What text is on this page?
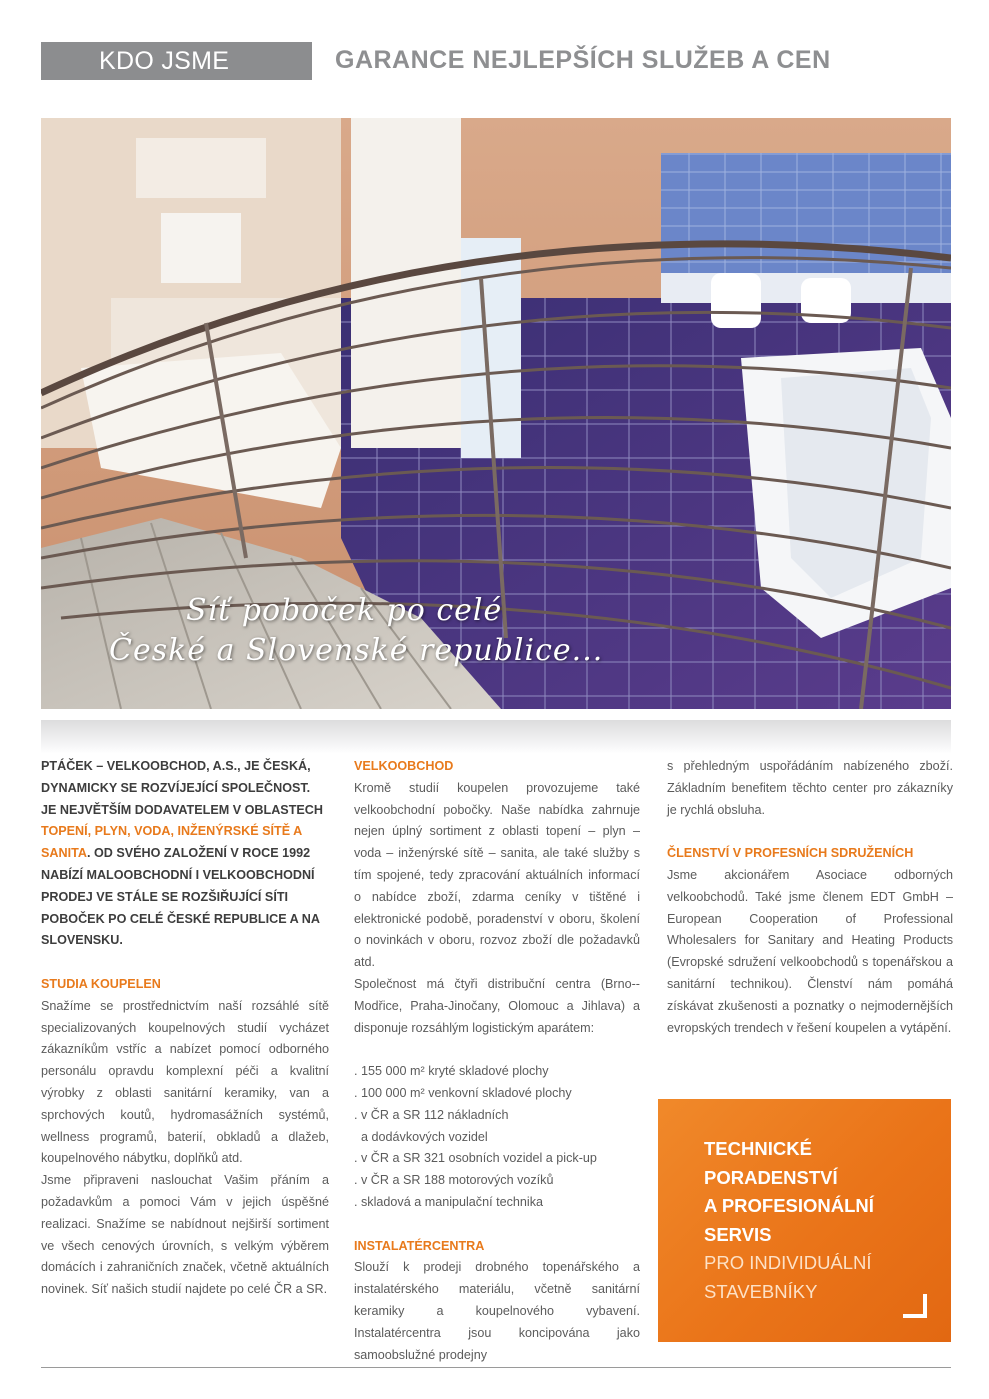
KDO JSME	GARANCE NEJLEPŠÍCH SLUŽEB A CEN
Síť poboček po celé
České a Slovenské republice...
PTÁČEK – VELKOOBCHOD, A.S., JE ČESKÁ, DYNAMICKY SE ROZVÍJEJÍCÍ SPOLEČNOST. JE NEJVĚTŠÍM DODAVATELEM V OBLASTECH TOPENÍ, PLYN, VODA, INŽENÝRSKÉ SÍTĚ A SANITA. OD SVÉHO ZALOŽENÍ V ROCE 1992 NABÍZÍ MALOOBCHODNÍ I VELKOOBCHODNÍ PRODEJ VE STÁLE SE ROZŠIŘUJÍCÍ SÍTI POBOČEK PO CELÉ ČESKÉ REPUBLICE A NA SLOVENSKU.
STUDIA KOUPELEN
Snažíme se prostřednictvím naší rozsáhlé sítě specializovaných koupelnových studií vycházet zákazníkům vstříc a nabízet pomocí odborného personálu opravdu komplexní péči a kvalitní výrobky z oblasti sanitární keramiky, van a sprchových koutů, hydromasážních systémů, wellness programů, baterií, obkladů a dlažeb, koupelnového nábytku, doplňků atd.
Jsme připraveni naslouchat Vašim přáním a požadavkům a pomoci Vám v jejich úspěšné realizaci. Snažíme se nabídnout nejširší sortiment ve všech cenových úrovních, s velkým výběrem domácích i zahraničních značek, včetně aktuálních novinek. Síť našich studií najdete po celé ČR a SR.
VELKOOBCHOD
Kromě studií koupelen provozujeme také velkoobchodní pobočky. Naše nabídka zahrnuje nejen úplný sortiment z oblasti topení – plyn – voda – inženýrské sítě – sanita, ale také služby s tím spojené, tedy zpracování aktuálních informací o nabídce zboží, zdarma ceníky v tištěné i elektronické podobě, poradenství v oboru, školení o novinkách v oboru, rozvoz zboží dle požadavků atd.
Společnost má čtyři distribuční centra (Brno--Modřice, Praha-Jinočany, Olomouc a Jihlava) a disponuje rozsáhlým logistickým aparátem:
. 155 000 m² kryté skladové plochy
. 100 000 m² venkovní skladové plochy
. v ČR a SR 112 nákladních
a dodávkových vozidel
. v ČR a SR 321 osobních vozidel a pick-up
. v ČR a SR 188 motorových vozíků
. skladová a manipulační technika
INSTALATÉRCENTRA
Slouží k prodeji drobného topenářského a instalatérského materiálu, včetně sanitární keramiky a koupelnového vybavení. Instalatércentra jsou koncipována jako samoobslužné prodejny
s přehledným uspořádáním nabízeného zboží. Základním benefitem těchto center pro zákazníky je rychlá obsluha.
ČLENSTVÍ V PROFESNÍCH SDRUŽENÍCH
Jsme akcionářem Asociace odborných velkoobchodů. Také jsme členem EDT GmbH – European Cooperation of Professional Wholesalers for Sanitary and Heating Products (Evropské sdružení velkoobchodů s topenářskou a sanitární technikou). Členství nám pomáhá získávat zkušenosti a poznatky o nejmodernějších evropských trendech v řešení koupelen a vytápění.
TECHNICKÉ
PORADENSTVÍ
A PROFESIONÁLNÍ
SERVIS
PRO INDIVIDUÁLNÍ
STAVEBNÍKY
